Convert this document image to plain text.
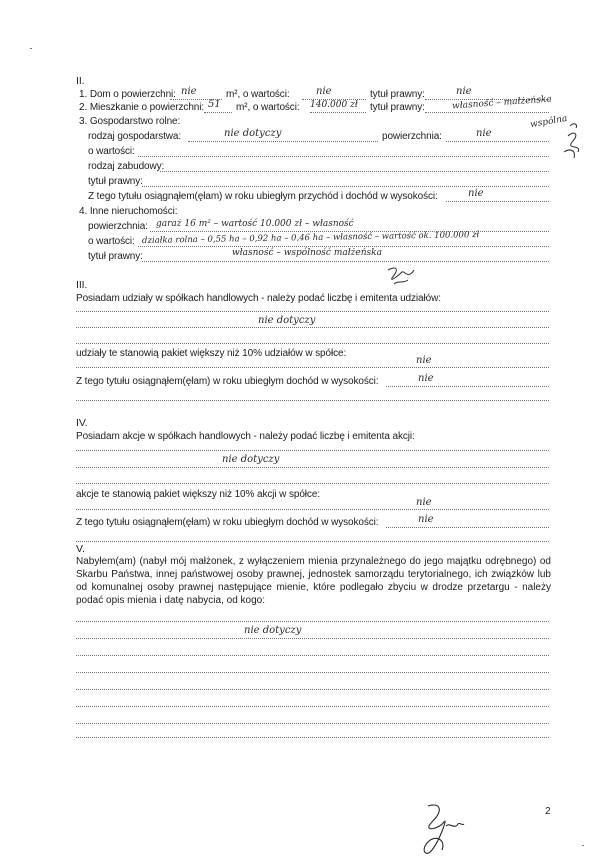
II.
1. Dom o powierzchni: nie	m², o wartości:	nie	tytuł prawny:	nie
2. Mieszkanie o powierzchni: 51 m², o wartości: 140.000 zł tytuł prawny:	własność – małżeńska
wspólna
3. Gospodarstwo rolne:
rodzaj gospodarstwa:	nie dotyczy	powierzchnia:	nie
o wartości:
rodzaj zabudowy:
tytuł prawny:
Z tego tytułu osiągnąłem(ęłam) w roku ubiegłym przychód i dochód w wysokości:	nie
4. Inne nieruchomości:
powierzchnia: garaż 16 m² – wartość 10.000 zł – własność
o wartości: działka rolna – 0,55 ha – 0,92 ha – 0,46 ha – własność – wartość ok. 100.000 zł
tytuł prawny:	własność – wspólność małżeńska
III.
Posiadam udziały w spółkach handlowych - należy podać liczbę i emitenta udziałów:
nie dotyczy
udziały te stanowią pakiet większy niż 10% udziałów w spółce:
nie
Z tego tytułu osiągnąłem(ęłam) w roku ubiegłym dochód w wysokości:	nie
IV.
Posiadam akcje w spółkach handlowych - należy podać liczbę i emitenta akcji:
nie dotyczy
akcje te stanowią pakiet większy niż 10% akcji w spółce:
nie
Z tego tytułu osiągnąłem(ęłam) w roku ubiegłym dochód w wysokości:	nie
V.
Nabyłem(am) (nabył mój małżonek, z wyłączeniem mienia przynależnego do jego majątku odrębnego) od Skarbu Państwa, innej państwowej osoby prawnej, jednostek samorządu terytorialnego, ich związków lub od komunalnej osoby prawnej następujące mienie, które podlegało zbyciu w drodze przetargu - należy podać opis mienia i datę nabycia, od kogo:
nie dotyczy
2
